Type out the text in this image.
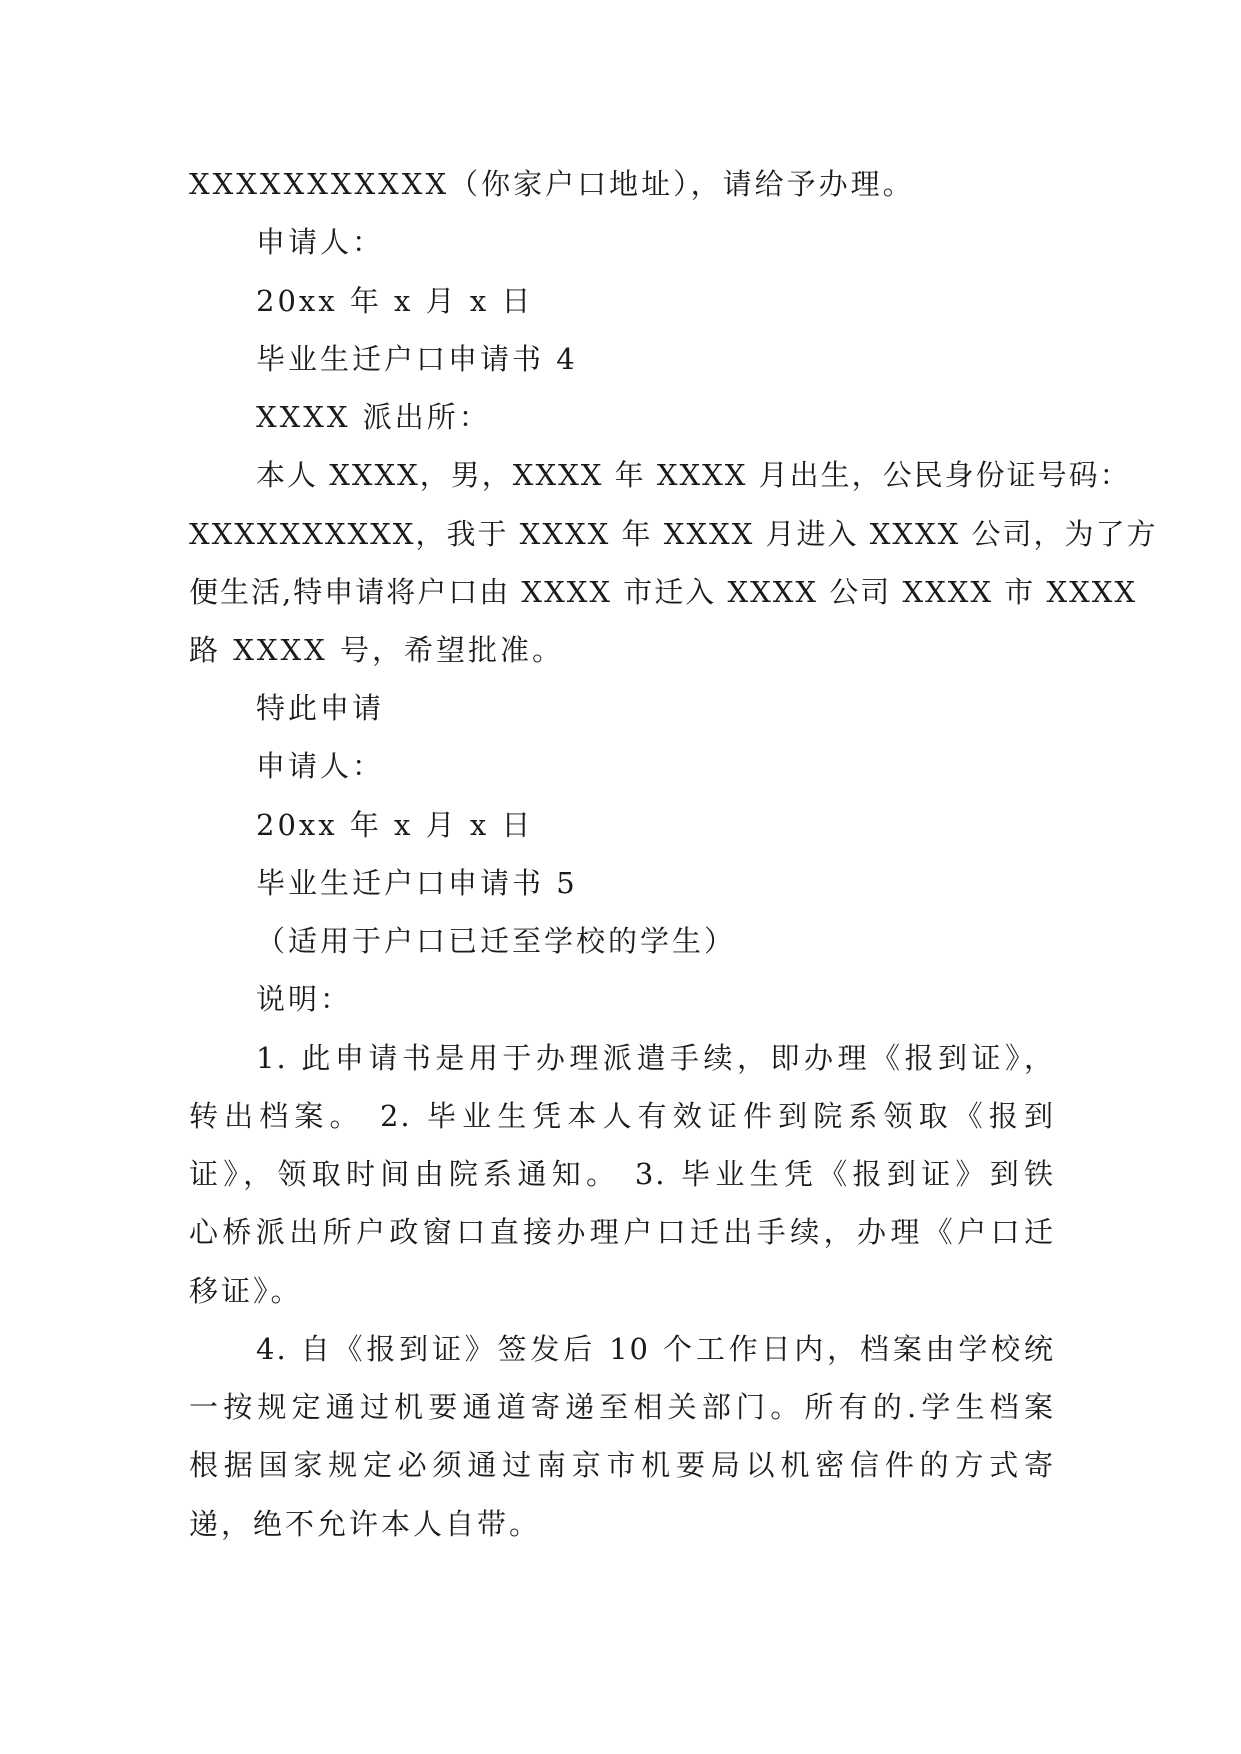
XXXXXXXXXXX（你家户口地址），请给予办理。
申请人：
20xx 年 x 月 x 日
毕业生迁户口申请书 4
XXXX 派出所：
本人 XXXX，男，XXXX 年 XXXX 月出生，公民身份证号码：
XXXXXXXXXX，我于 XXXX 年 XXXX 月进入 XXXX 公司，为了方
便生活,特申请将户口由 XXXX 市迁入 XXXX 公司 XXXX 市 XXXX
路 XXXX 号，希望批准。
特此申请
申请人：
20xx 年 x 月 x 日
毕业生迁户口申请书 5
（适用于户口已迁至学校的学生）
说明：
1. 此申请书是用于办理派遣手续，即办理《报到证》，
转出档案。 2. 毕业生凭本人有效证件到院系领取《报到
证》，领取时间由院系通知。 3. 毕业生凭《报到证》到铁
心桥派出所户政窗口直接办理户口迁出手续，办理《户口迁
移证》。
4. 自《报到证》签发后 10 个工作日内，档案由学校统
一按规定通过机要通道寄递至相关部门。所有的.学生档案
根据国家规定必须通过南京市机要局以机密信件的方式寄
递，绝不允许本人自带。
